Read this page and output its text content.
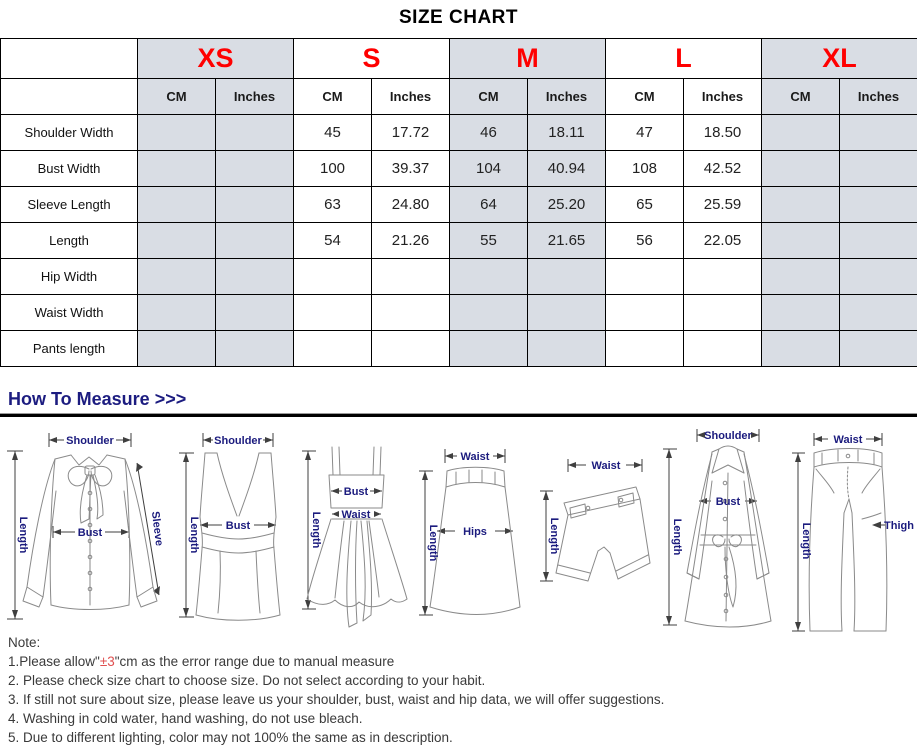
SIZE CHART
	XS		S		M		L		XL	
	CM	Inches	CM	Inches	CM	Inches	CM	Inches	CM	Inches
Shoulder Width			45	17.72	46	18.11	47	18.50		
Bust Width			100	39.37	104	40.94	108	42.52		
Sleeve Length			63	24.80	64	25.20	65	25.59		
Length			54	21.26	55	21.65	56	22.05		
Hip Width										
Waist Width										
Pants length										
How To Measure >>>
Shoulder
Length	Bust	Sleeve
Shoulder
Length Bust	Length
Bust
Waist
Waist
Length Hips
Waist
Length
Shoulder
Length
Bust
Waist
Length	Thigh
Note:
1.Please allow"±3"cm as the error range due to manual measure
2. Please check size chart to choose size. Do not select according to your habit.
3. If still not sure about size, please leave us your shoulder, bust, waist and hip data, we will offer suggestions.
4. Washing in cold water, hand washing, do not use bleach.
5. Due to different lighting, color may not 100% the same as in description.
